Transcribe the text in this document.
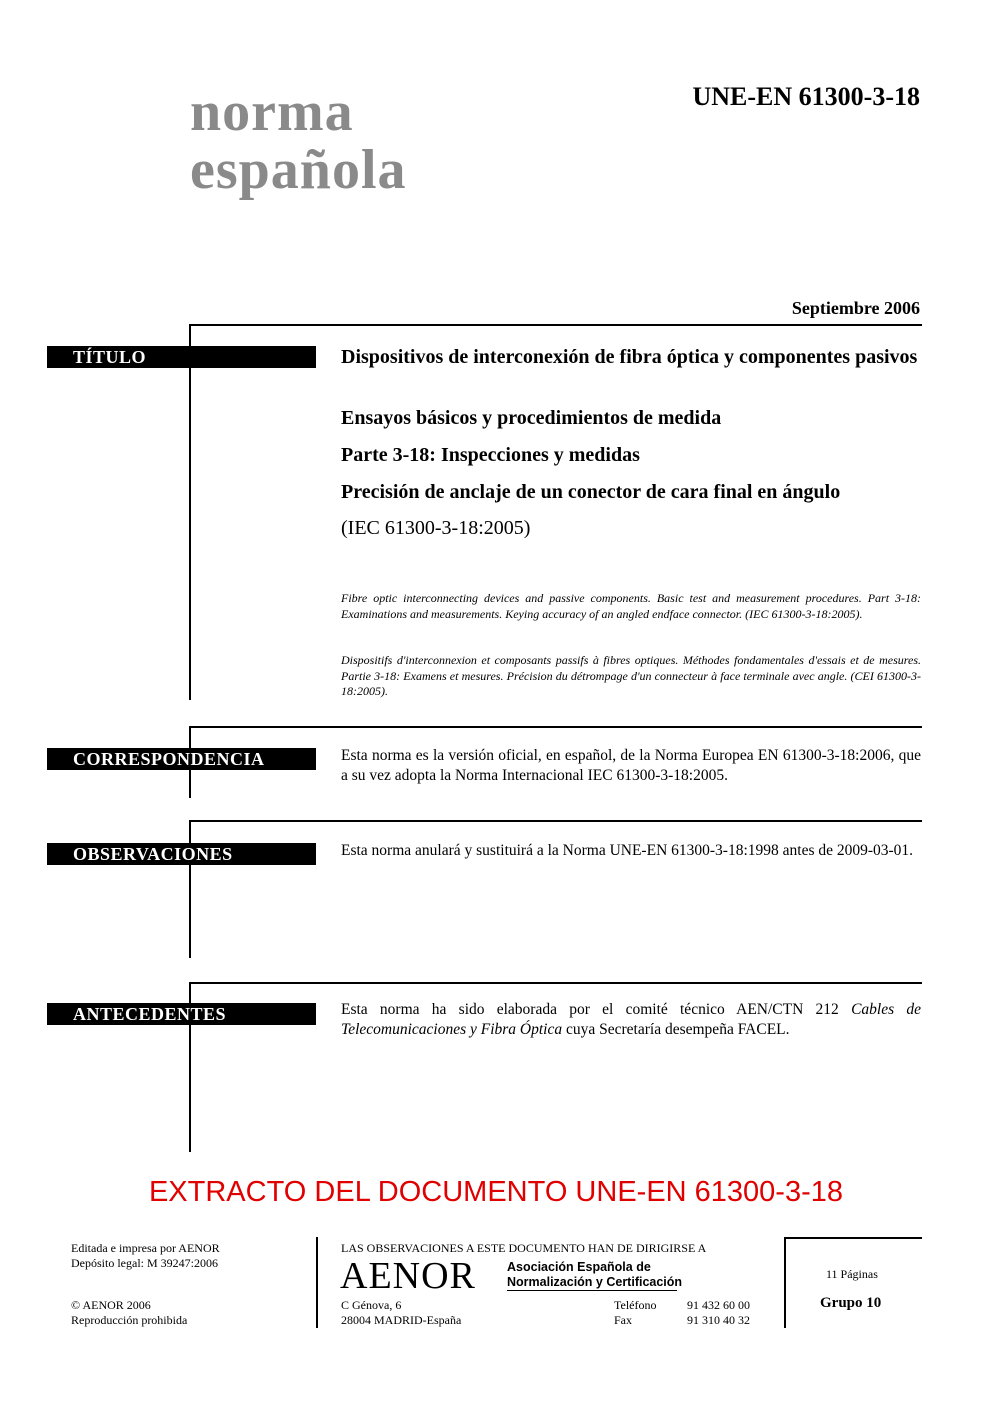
norma
española
UNE-EN 61300-3-18
Septiembre 2006
TÍTULO	Dispositivos de interconexión de fibra óptica y componentes pasivos
Ensayos básicos y procedimientos de medida
Parte 3-18: Inspecciones y medidas
Precisión de anclaje de un conector de cara final en ángulo
(IEC 61300-3-18:2005)
Fibre optic interconnecting devices and passive components. Basic test and measurement procedures. Part 3-18: Examinations and measurements. Keying accuracy of an angled endface connector. (IEC 61300-3-18:2005).
Dispositifs d'interconnexion et composants passifs à fibres optiques. Méthodes fondamentales d'essais et de mesures. Partie 3-18: Examens et mesures. Précision du détrompage d'un connecteur à face terminale avec angle. (CEI 61300-3-18:2005).
CORRESPONDENCIA	Esta norma es la versión oficial, en español, de la Norma Europea EN 61300-3-18:2006, que a su vez adopta la Norma Internacional IEC 61300-3-18:2005.
OBSERVACIONES	Esta norma anulará y sustituirá a la Norma UNE-EN 61300-3-18:1998 antes de 2009-03-01.
ANTECEDENTES	Esta norma ha sido elaborada por el comité técnico AEN/CTN 212 Cables de Telecomunicaciones y Fibra Óptica cuya Secretaría desempeña FACEL.
EXTRACTO DEL DOCUMENTO UNE-EN 61300-3-18
Editada e impresa por AENOR
Depósito legal: M 39247:2006
© AENOR 2006
Reproducción prohibida
LAS OBSERVACIONES A ESTE DOCUMENTO HAN DE DIRIGIRSE A
AENOR Asociación Española de
Normalización y Certificación
C Génova, 6
28004 MADRID-España
Teléfono	91 432 60 00
Fax	91 310 40 32
11 Páginas
Grupo 10
